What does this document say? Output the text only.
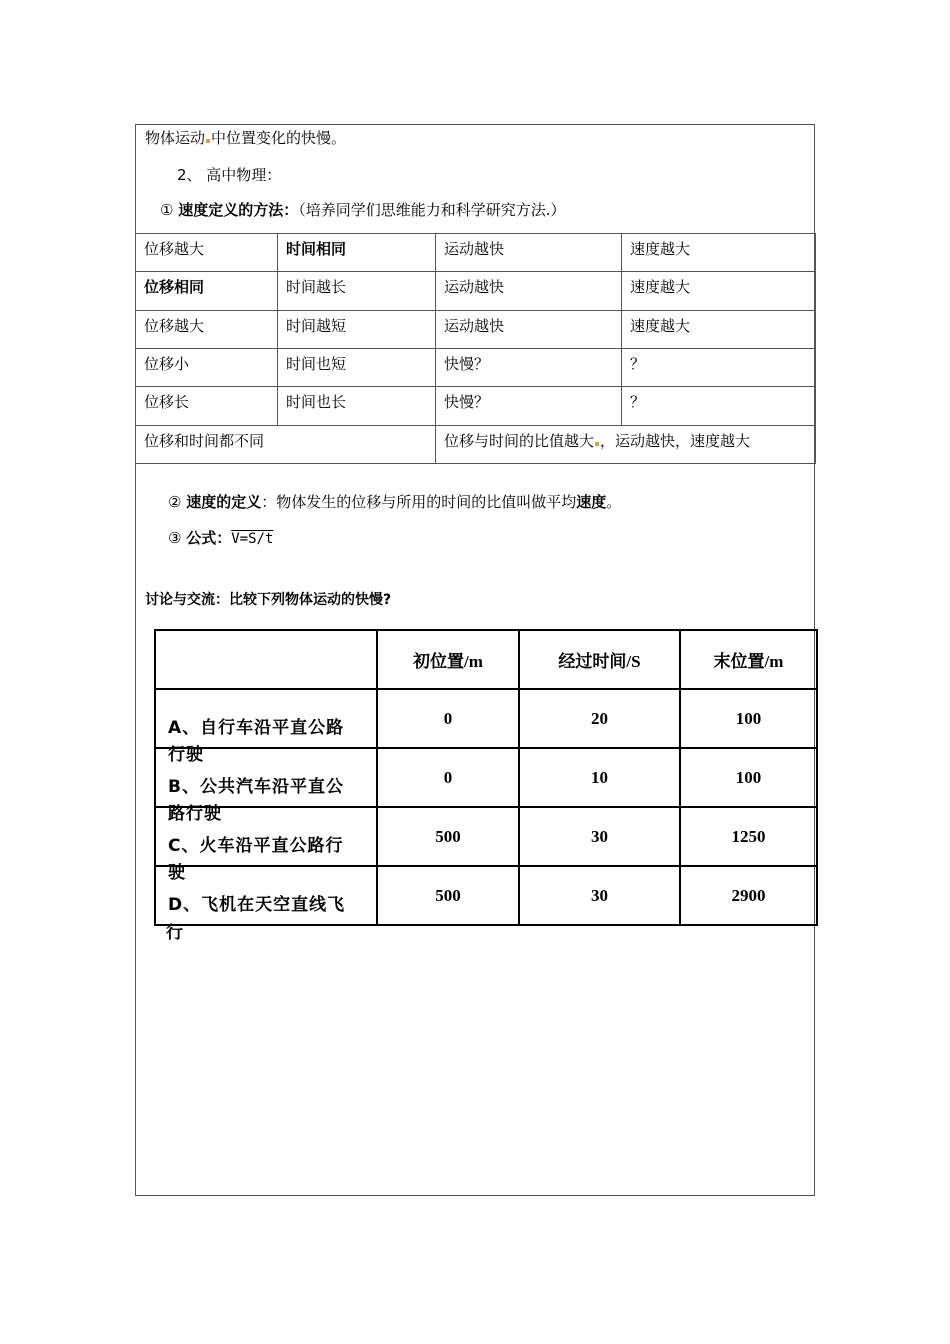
物体运动 中位置变化的快慢。
2、 高中物理：
① 速度定义的方法：（培养同学们思维能力和科学研究方法.）
位移越大	时间相同	运动越快	速度越大
位移相同	时间越长	运动越快	速度越大
位移越大	时间越短	运动越快	速度越大
位移小	时间也短	快慢？	？
位移长	时间也长	快慢？	？
位移和时间都不同		位移与时间的比值越大 ，运动越快，速度越大	
② 速度的定义：物体发生的位移与所用的时间的比值叫做平均速度。
③ 公式：V=S/t
讨论与交流：比较下列物体运动的快慢?
	初位置/m	经过时间/S	末位置/m

A、自行车沿平直公路	0	20	100

行驶
B、公共汽车沿平直公	0	10	100

路行驶
C、火车沿平直公路行	500	30	1250

驶
D、飞机在天空直线飞	500	30	2900
行
